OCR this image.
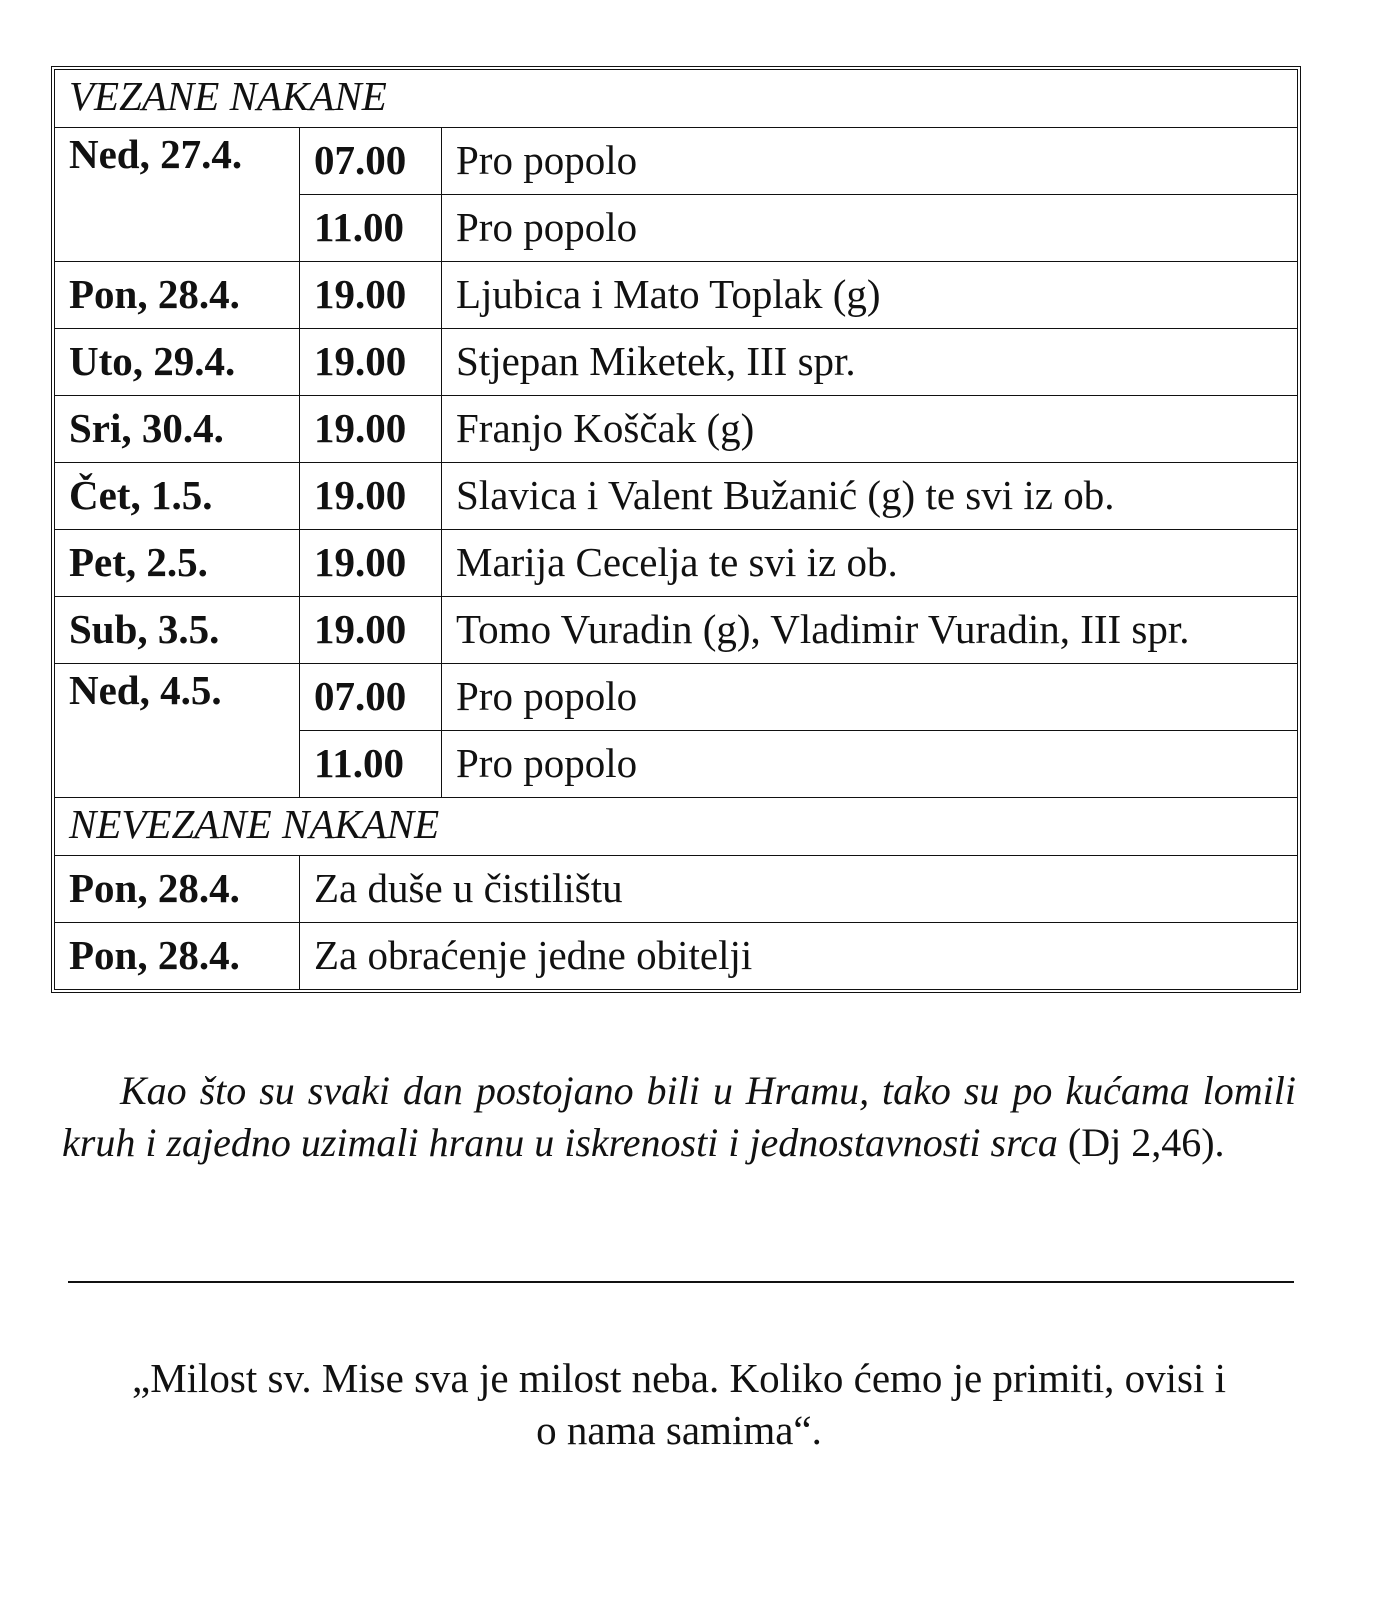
VEZANE NAKANE		
Ned, 27.4.	07.00	Pro popolo
	11.00	Pro popolo
Pon, 28.4.	19.00	Ljubica i Mato Toplak (g)
Uto, 29.4.	19.00	Stjepan Miketek, III spr.
Sri, 30.4.	19.00	Franjo Koščak (g)
Čet, 1.5.	19.00	Slavica i Valent Bužanić (g) te svi iz ob.
Pet, 2.5.	19.00	Marija Cecelja te svi iz ob.
Sub, 3.5.	19.00	Tomo Vuradin (g), Vladimir Vuradin, III spr.
Ned, 4.5.	07.00	Pro popolo
	11.00	Pro popolo
NEVEZANE NAKANE		
Pon, 28.4.	Za duše u čistilištu	
Pon, 28.4.	Za obraćenje jedne obitelji	
Kao što su svaki dan postojano bili u Hramu, tako su po kućama lomili kruh i zajedno uzimali hranu u iskrenosti i jednostavnosti srca (Dj 2,46).
„Milost sv. Mise sva je milost neba. Koliko ćemo je primiti, ovisi i
o nama samima“.
